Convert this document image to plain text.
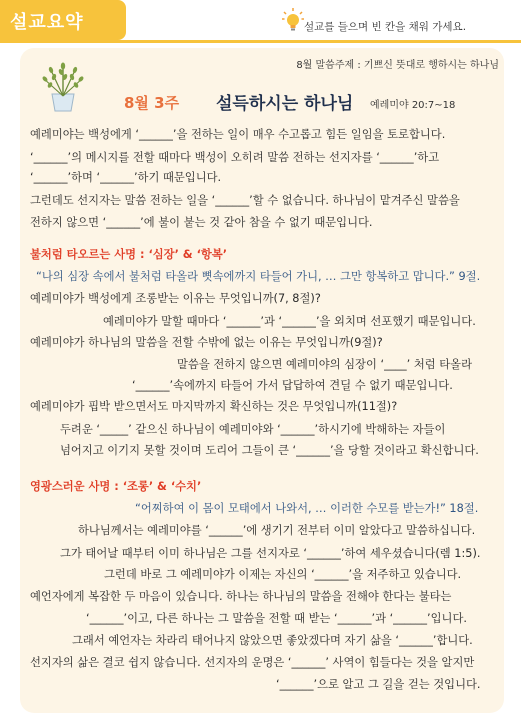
설교요약	설교를 들으며 빈 칸을 채워 가세요.
8월 말씀주제 : 기쁘신 뜻대로 행하시는 하나님
8월 3주 설득하시는 하나님 예레미야 20:7~18
예레미야는 백성에게 ‘______’을 전하는 일이 매우 수고롭고 힘든 일임을 토로합니다.
‘______’의 메시지를 전할 때마다 백성이 오히려 말씀 전하는 선지자를 ‘______’하고
‘______’하며 ‘______’하기 때문입니다.
그런데도 선지자는 말씀 전하는 일을 ‘______’할 수 없습니다. 하나님이 맡겨주신 말씀을
전하지 않으면 ‘______’에 불이 붙는 것 같아 참을 수 없기 때문입니다.
불처럼 타오르는 사명 : ‘심장’ & ‘항복’
“나의 심장 속에서 불처럼 타올라 뼛속에까지 타들어 가니, … 그만 항복하고 맙니다.” 9절.
예레미야가 백성에게 조롱받는 이유는 무엇입니까(7, 8절)?
예레미야가 말할 때마다 ‘______’과 ‘______’을 외치며 선포했기 때문입니다.
예레미야가 하나님의 말씀을 전할 수밖에 없는 이유는 무엇입니까(9절)?
말씀을 전하지 않으면 예레미야의 심장이 ‘____’ 처럼 타올라
‘______’속에까지 타들어 가서 답답하여 견딜 수 없기 때문입니다.
예레미야가 핍박 받으면서도 마지막까지 확신하는 것은 무엇입니까(11절)?
두려운 ‘_____’ 같으신 하나님이 예레미야와 ‘______’하시기에 박해하는 자들이
넘어지고 이기지 못할 것이며 도리어 그들이 큰 ‘______’을 당할 것이라고 확신합니다.
영광스러운 사명 : ‘조롱’ & ‘수치’
“어찌하여 이 몸이 모태에서 나와서, … 이러한 수모를 받는가!” 18절.
하나님께서는 예레미야를 ‘______’에 생기기 전부터 이미 알았다고 말씀하십니다.
그가 태어날 때부터 이미 하나님은 그를 선지자로 ‘______’하여 세우셨습니다(렘 1:5).
그런데 바로 그 예레미야가 이제는 자신의 ‘______’을 저주하고 있습니다.
예언자에게 복잡한 두 마음이 있습니다. 하나는 하나님의 말씀을 전해야 한다는 불타는
‘______’이고, 다른 하나는 그 말씀을 전할 때 받는 ‘______’과 ‘______’입니다.
그래서 예언자는 차라리 태어나지 않았으면 좋았겠다며 자기 삶을 ‘______’합니다.
선지자의 삶은 결코 쉽지 않습니다. 선지자의 운명은 ‘______’ 사역이 힘들다는 것을 알지만
‘______’으로 알고 그 길을 걷는 것입니다.
